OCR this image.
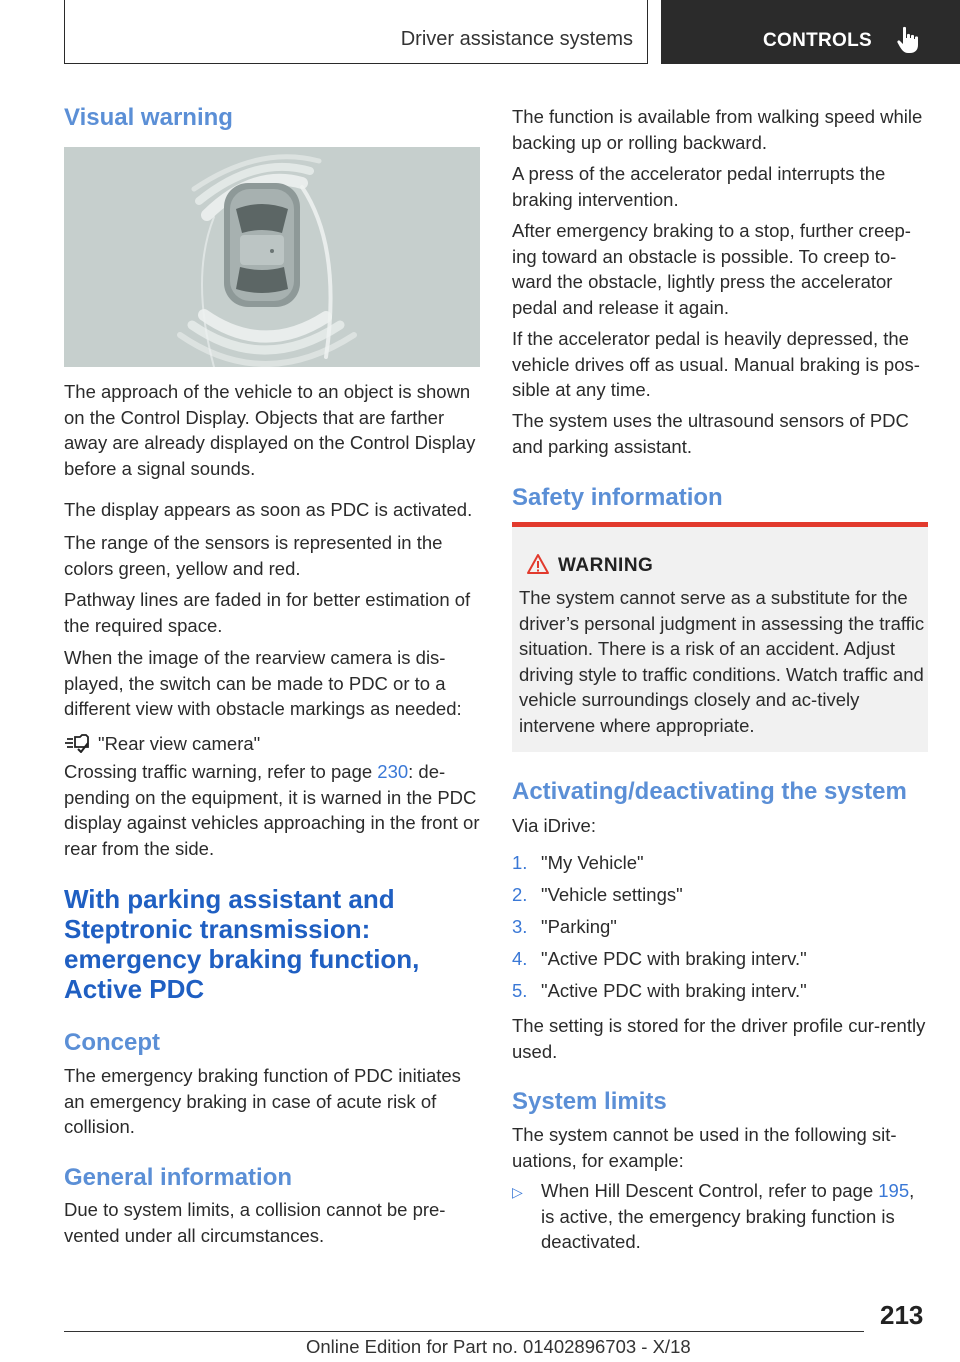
Driver assistance systems	CONTROLS
Visual warning

The approach of the vehicle to an object is shown on the Control Display. Objects that are farther away are already displayed on the Control Display before a signal sounds.

The display appears as soon as PDC is activated.

The range of the sensors is represented in the colors green, yellow and red.

Pathway lines are faded in for better estimation of the required space.

When the image of the rearview camera is dis-played, the switch can be made to PDC or to a different view with obstacle markings as needed:

"Rear view camera"

Crossing traffic warning, refer to page 230: de-pending on the equipment, it is warned in the PDC display against vehicles approaching in the front or rear from the side.

With parking assistant and Steptronic transmission: emergency braking function, Active PDC
Concept

The emergency braking function of PDC initiates an emergency braking in case of acute risk of collision.

General information

Due to system limits, a collision cannot be pre-vented under all circumstances.

The function is available from walking speed while backing up or rolling backward.

A press of the accelerator pedal interrupts the braking intervention.

After emergency braking to a stop, further creep-ing toward an obstacle is possible. To creep to-ward the obstacle, lightly press the accelerator pedal and release it again.

If the accelerator pedal is heavily depressed, the vehicle drives off as usual. Manual braking is pos-sible at any time.

The system uses the ultrasound sensors of PDC and parking assistant.

Safety information
WARNING
The system cannot serve as a substitute for the driver’s personal judgment in assessing the traffic situation. There is a risk of an accident. Adjust driving style to traffic conditions. Watch traffic and vehicle surroundings closely and ac-tively intervene where appropriate.
Activating/deactivating the system

Via iDrive:

1. "My Vehicle"
2. "Vehicle settings"
3. "Parking"
4. "Active PDC with braking interv."
5. "Active PDC with braking interv."

The setting is stored for the driver profile cur-rently used.

System limits

The system cannot be used in the following sit-uations, for example:

▷ When Hill Descent Control, refer to page 195, is active, the emergency braking function is deactivated.
213
Online Edition for Part no. 01402896703 - X/18
